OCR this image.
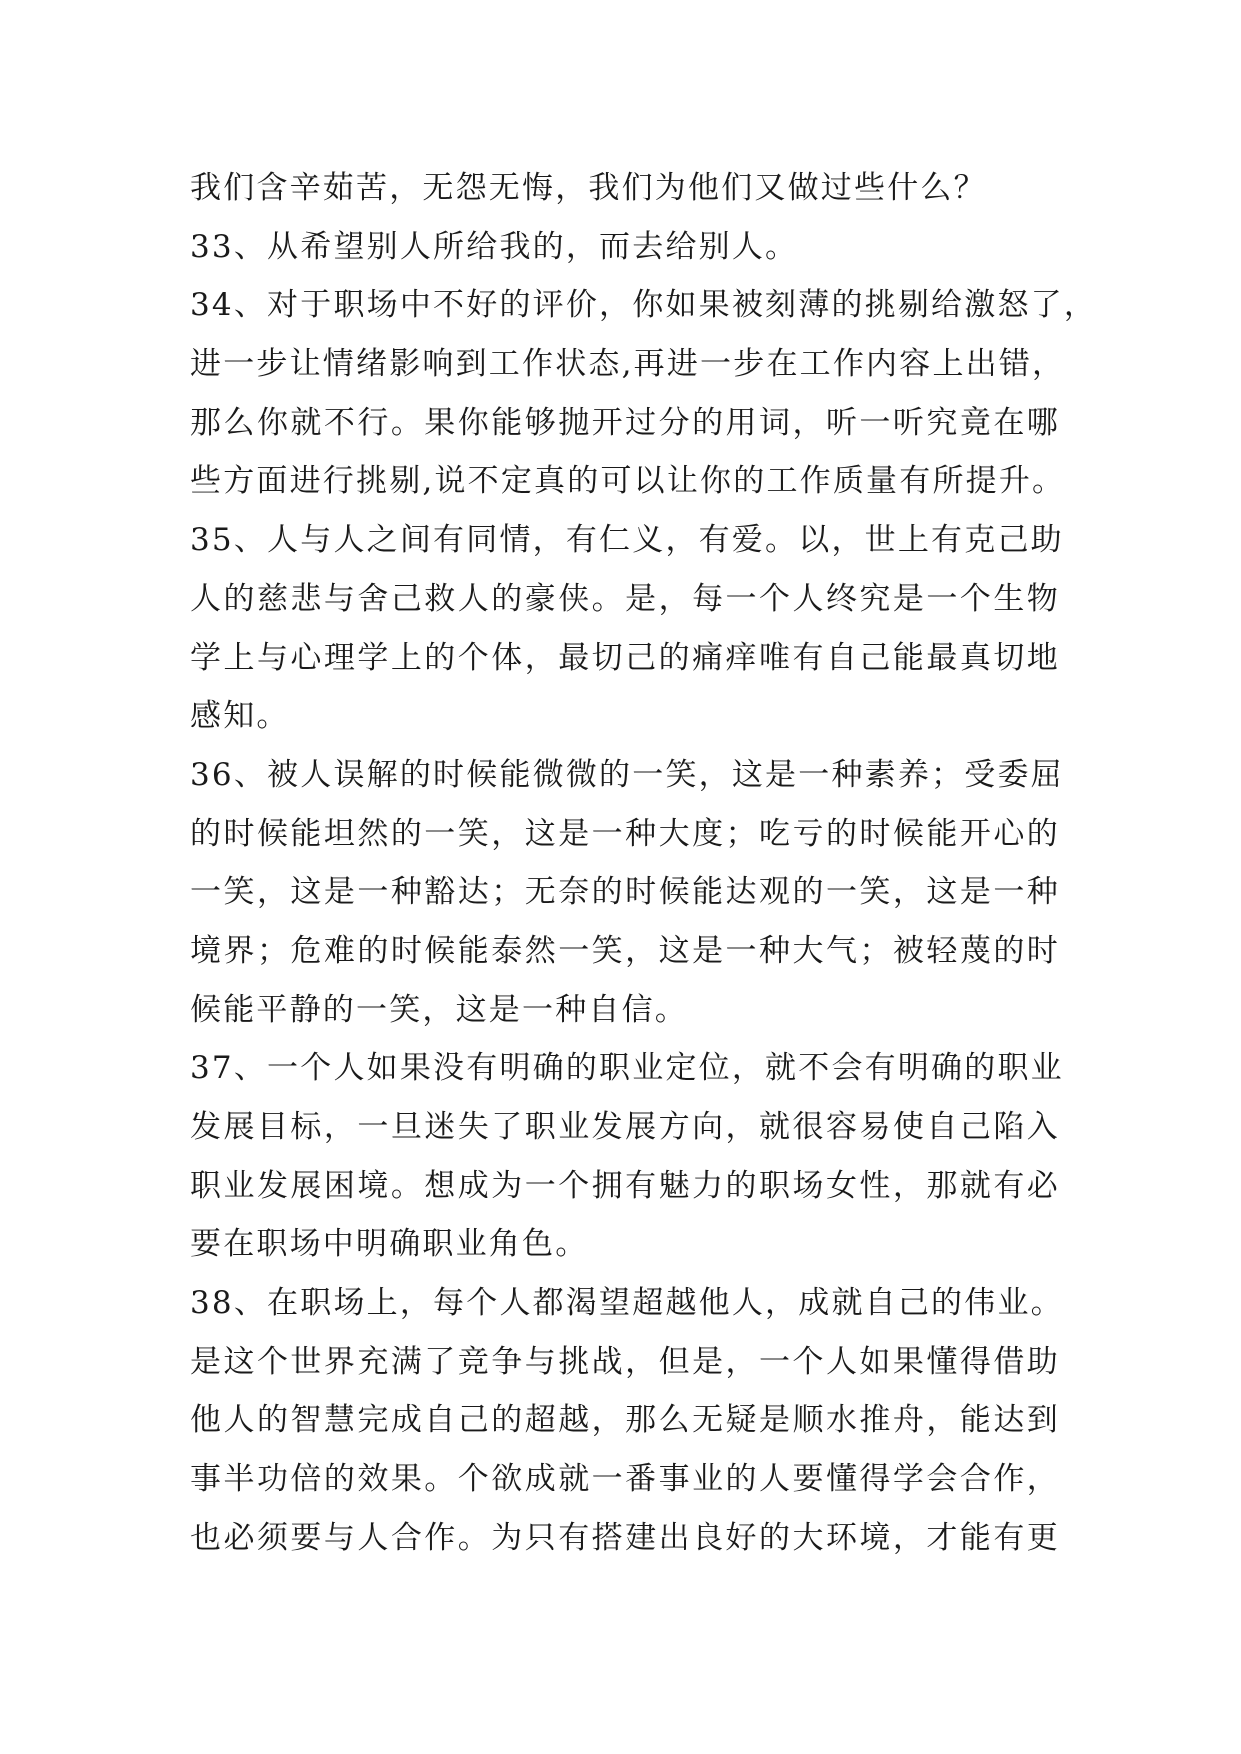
我们含辛茹苦，无怨无悔，我们为他们又做过些什么？
33、从希望别人所给我的，而去给别人。
34、对于职场中不好的评价，你如果被刻薄的挑剔给激怒了，
进一步让情绪影响到工作状态,再进一步在工作内容上出错，
那么你就不行。果你能够抛开过分的用词，听一听究竟在哪
些方面进行挑剔,说不定真的可以让你的工作质量有所提升。
35、人与人之间有同情，有仁义，有爱。以，世上有克己助
人的慈悲与舍己救人的豪侠。是，每一个人终究是一个生物
学上与心理学上的个体，最切己的痛痒唯有自己能最真切地
感知。
36、被人误解的时候能微微的一笑，这是一种素养；受委屈
的时候能坦然的一笑，这是一种大度；吃亏的时候能开心的
一笑，这是一种豁达；无奈的时候能达观的一笑，这是一种
境界；危难的时候能泰然一笑，这是一种大气；被轻蔑的时
候能平静的一笑，这是一种自信。
37、一个人如果没有明确的职业定位，就不会有明确的职业
发展目标，一旦迷失了职业发展方向，就很容易使自己陷入
职业发展困境。想成为一个拥有魅力的职场女性，那就有必
要在职场中明确职业角色。
38、在职场上，每个人都渴望超越他人，成就自己的伟业。
是这个世界充满了竞争与挑战，但是，一个人如果懂得借助
他人的智慧完成自己的超越，那么无疑是顺水推舟，能达到
事半功倍的效果。个欲成就一番事业的人要懂得学会合作，
也必须要与人合作。为只有搭建出良好的大环境，才能有更
